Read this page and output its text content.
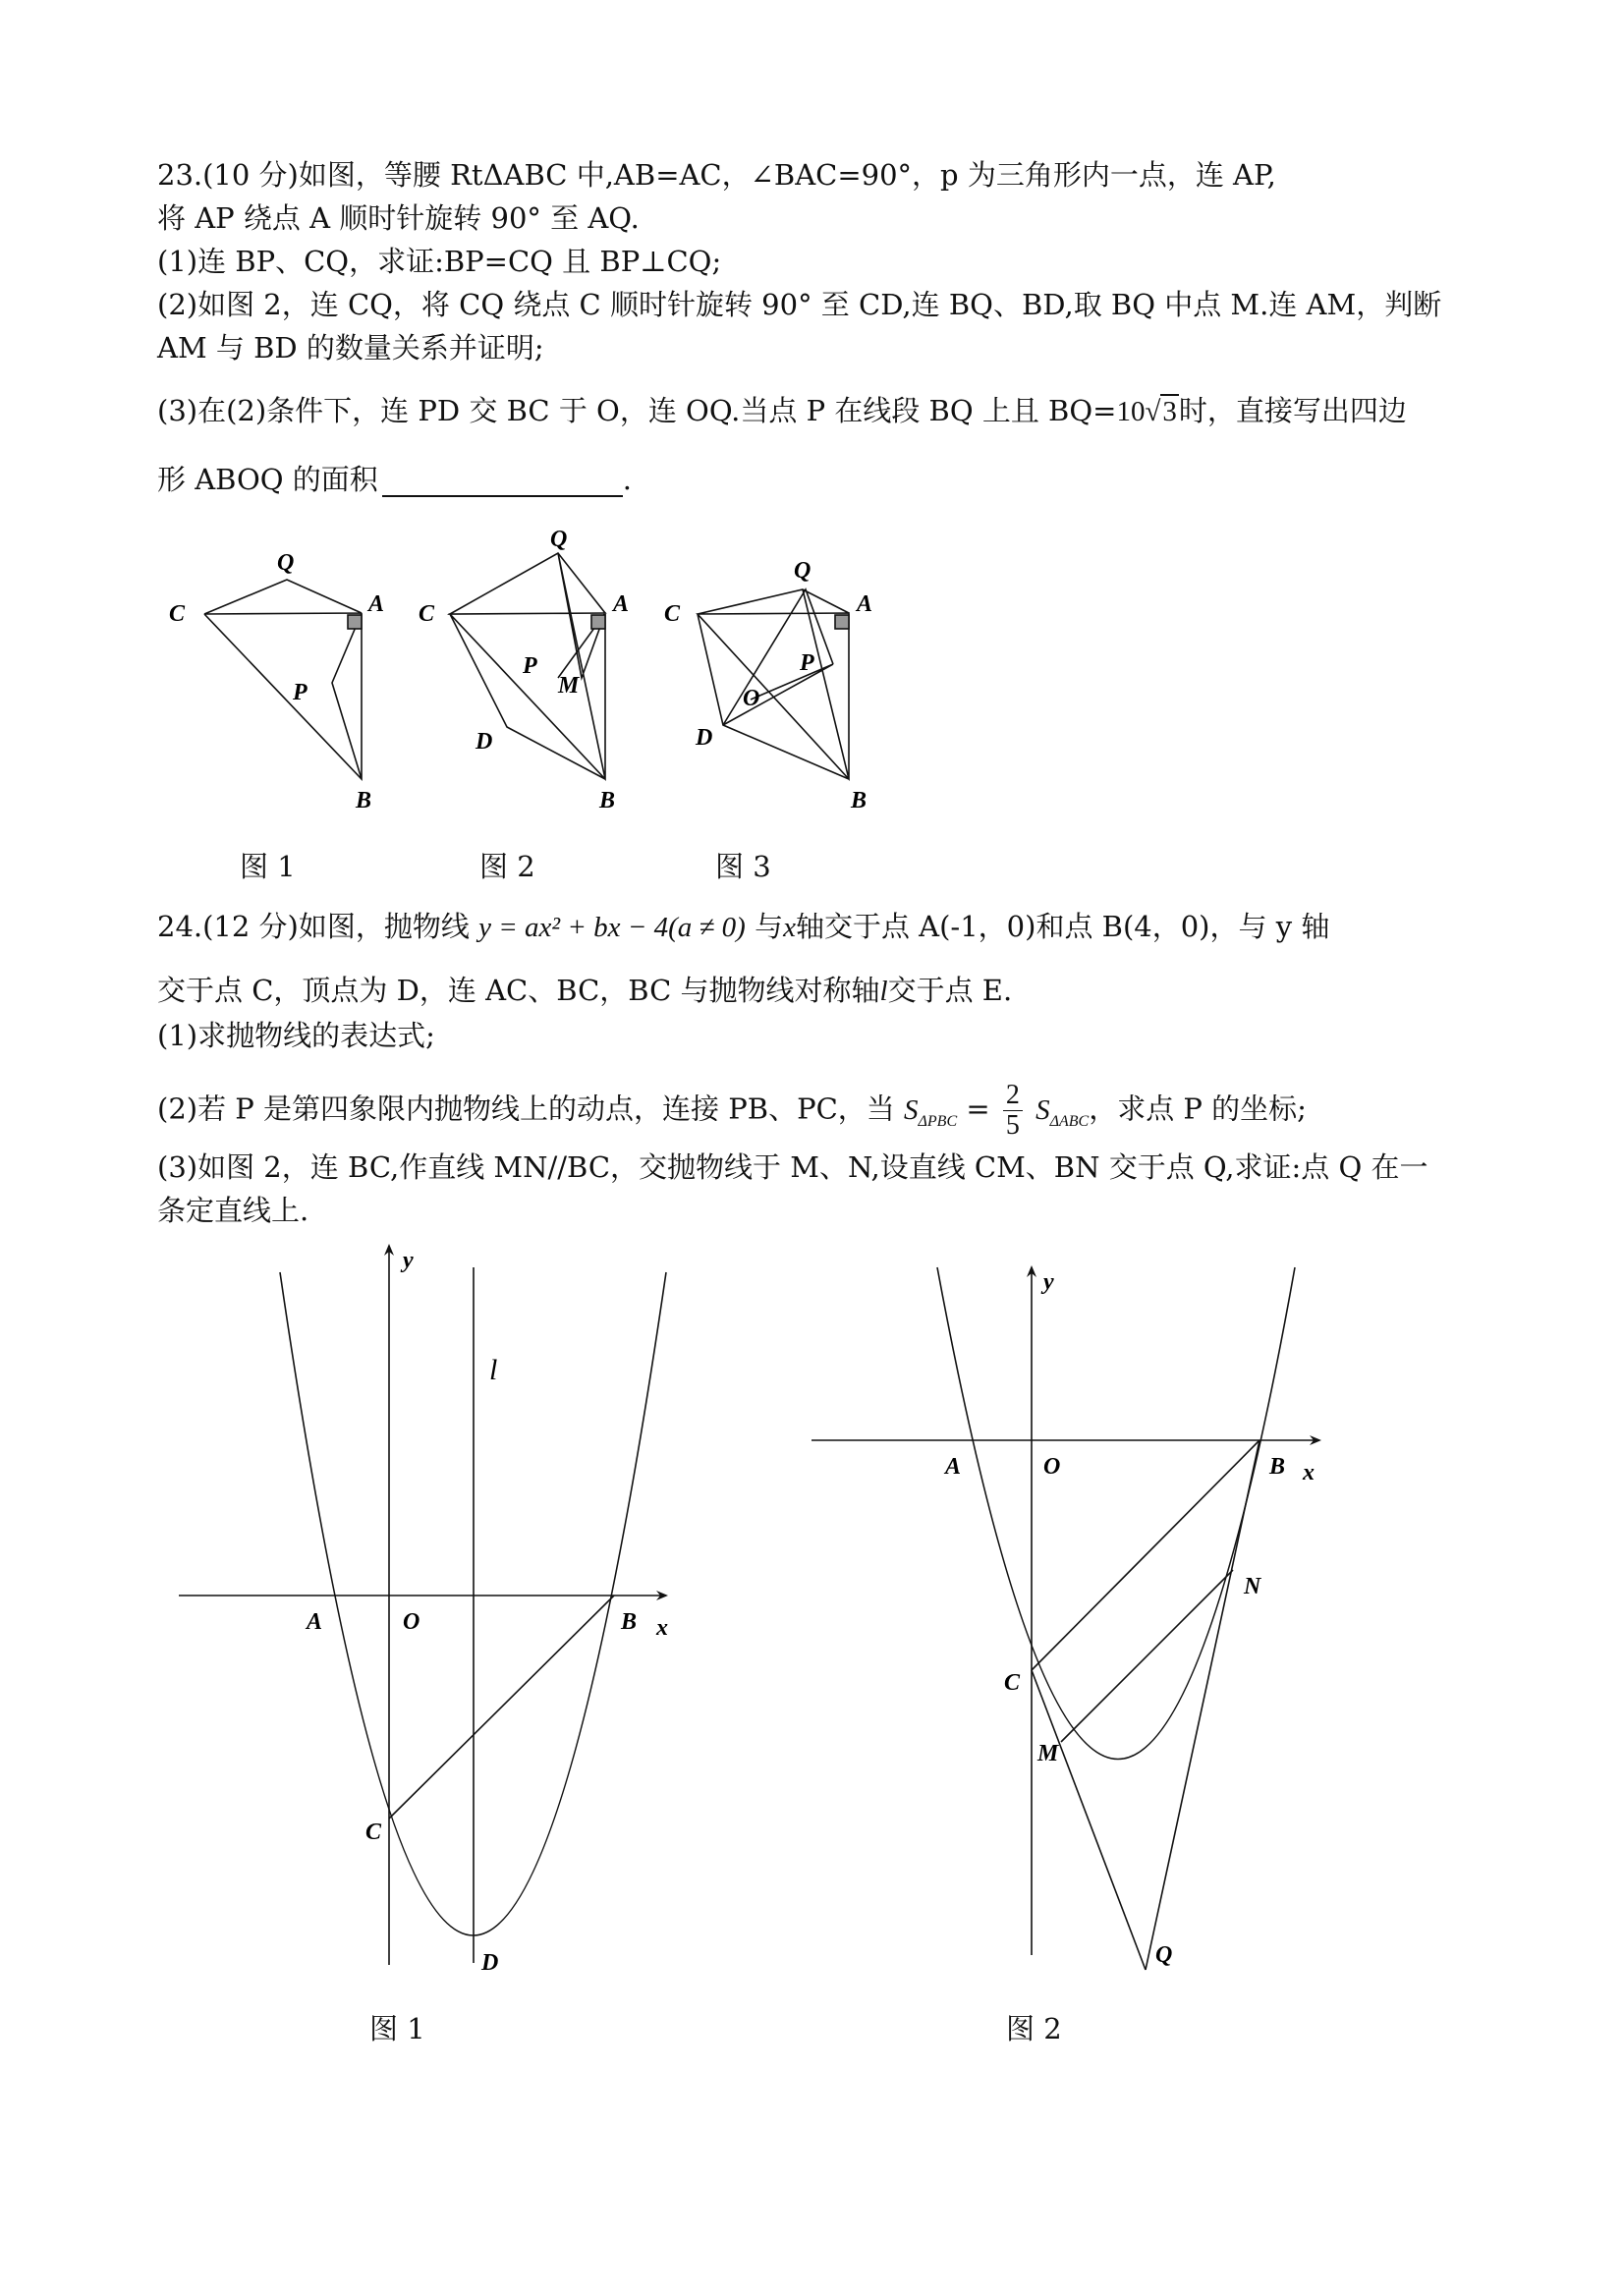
23.(10 分)如图，等腰 RtΔABC 中,AB=AC，∠BAC=90°，p 为三角形内一点，连 AP,
将 AP 绕点 A 顺时针旋转 90° 至 AQ.
(1)连 BP、CQ，求证:BP=CQ 且 BP⊥CQ;
(2)如图 2，连 CQ，将 CQ 绕点 C 顺时针旋转 90° 至 CD,连 BQ、BD,取 BQ 中点 M.连 AM，判断
AM 与 BD 的数量关系并证明;
(3)在(2)条件下，连 PD 交 BC 于 O，连 OQ.当点 P 在线段 BQ 上且 BQ=10√3时，直接写出四边
形 ABOQ 的面积	.
Q
C	A
P
B
Q
C	A
P
M
D
B
Q
C	A
P
O
D
B
图 1	图 2	图 3
24.(12 分)如图，抛物线 y = ax² + bx − 4(a ≠ 0) 与x轴交于点 A(-1，0)和点 B(4，0)，与 y 轴
交于点 C，顶点为 D，连 AC、BC，BC 与抛物线对称轴l交于点 E.
(1)求抛物线的表达式;
(2)若 P 是第四象限内抛物线上的动点，连接 PB、PC，当 $S_{\Delta PBC} = \frac{2}{5} S_{\Delta ABC}$，求点 P 的坐标;
(3)如图 2，连 BC,作直线 MN//BC，交抛物线于 M、N,设直线 CM、BN 交于点 Q,求证:点 Q 在一
条定直线上.
y
l
A	O	B x
C
D
图 1
y
A	O	B x
N
C
M
Q
图 2
